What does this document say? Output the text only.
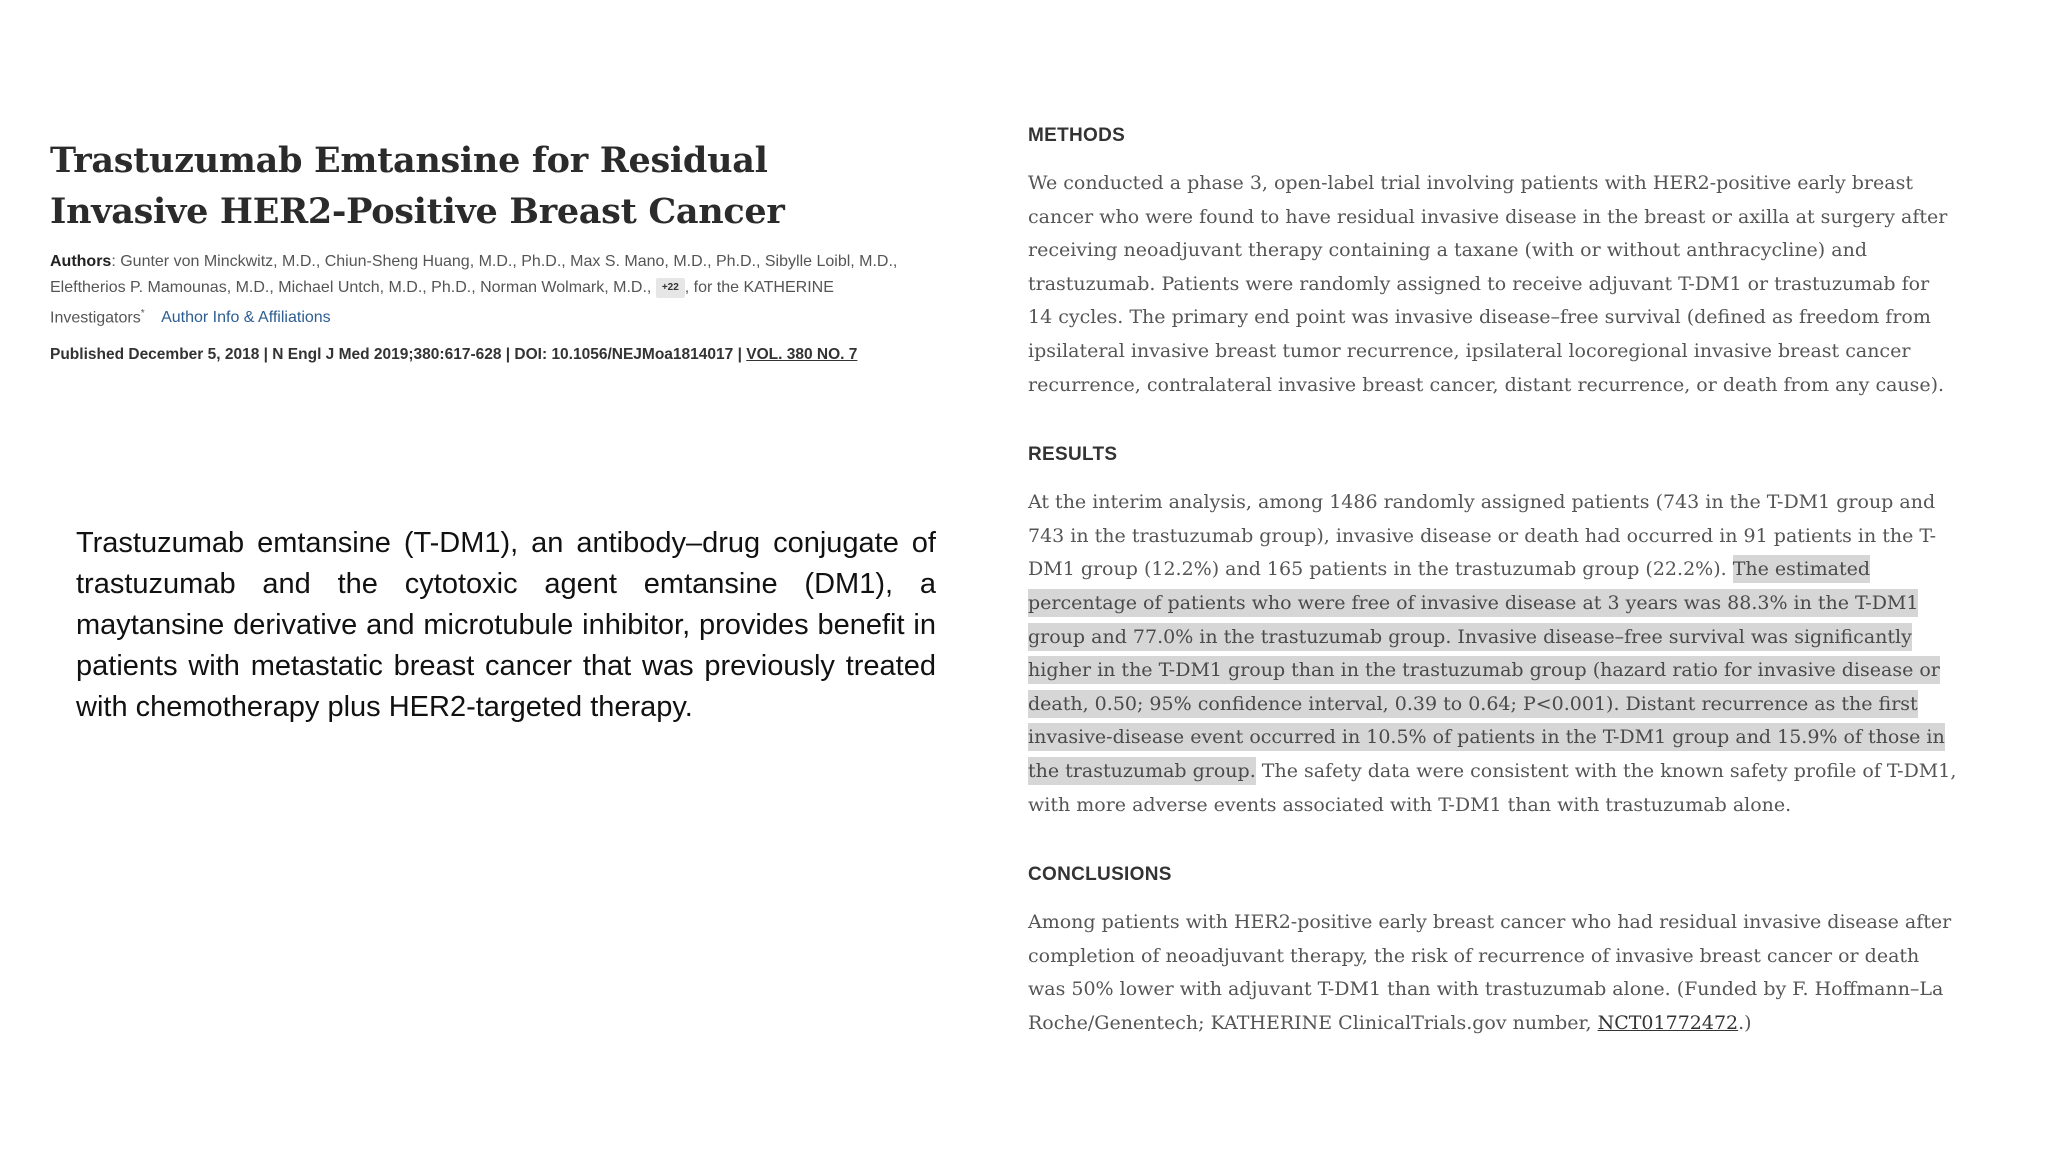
Trastuzumab Emtansine for Residual Invasive HER2-Positive Breast Cancer
Authors: Gunter von Minckwitz, M.D., Chiun-Sheng Huang, M.D., Ph.D., Max S. Mano, M.D., Ph.D., Sibylle Loibl, M.D., Eleftherios P. Mamounas, M.D., Michael Untch, M.D., Ph.D., Norman Wolmark, M.D., +22 , for the KATHERINE Investigators* Author Info & Affiliations
Published December 5, 2018 | N Engl J Med 2019;380:617-628 | DOI: 10.1056/NEJMoa1814017 | VOL. 380 NO. 7
Trastuzumab emtansine (T-DM1), an antibody–drug conjugate of trastuzumab and the cytotoxic agent emtansine (DM1), a maytansine derivative and microtubule inhibitor, provides benefit in patients with metastatic breast cancer that was previously treated with chemotherapy plus HER2-targeted therapy.
METHODS
We conducted a phase 3, open-label trial involving patients with HER2-positive early breast cancer who were found to have residual invasive disease in the breast or axilla at surgery after receiving neoadjuvant therapy containing a taxane (with or without anthracycline) and trastuzumab. Patients were randomly assigned to receive adjuvant T-DM1 or trastuzumab for 14 cycles. The primary end point was invasive disease–free survival (defined as freedom from ipsilateral invasive breast tumor recurrence, ipsilateral locoregional invasive breast cancer recurrence, contralateral invasive breast cancer, distant recurrence, or death from any cause).
RESULTS
At the interim analysis, among 1486 randomly assigned patients (743 in the T-DM1 group and 743 in the trastuzumab group), invasive disease or death had occurred in 91 patients in the T-DM1 group (12.2%) and 165 patients in the trastuzumab group (22.2%). The estimated percentage of patients who were free of invasive disease at 3 years was 88.3% in the T-DM1 group and 77.0% in the trastuzumab group. Invasive disease–free survival was significantly higher in the T-DM1 group than in the trastuzumab group (hazard ratio for invasive disease or death, 0.50; 95% confidence interval, 0.39 to 0.64; P<0.001). Distant recurrence as the first invasive-disease event occurred in 10.5% of patients in the T-DM1 group and 15.9% of those in the trastuzumab group. The safety data were consistent with the known safety profile of T-DM1, with more adverse events associated with T-DM1 than with trastuzumab alone.
CONCLUSIONS
Among patients with HER2-positive early breast cancer who had residual invasive disease after completion of neoadjuvant therapy, the risk of recurrence of invasive breast cancer or death was 50% lower with adjuvant T-DM1 than with trastuzumab alone. (Funded by F. Hoffmann–La Roche/Genentech; KATHERINE ClinicalTrials.gov number, NCT01772472.)
